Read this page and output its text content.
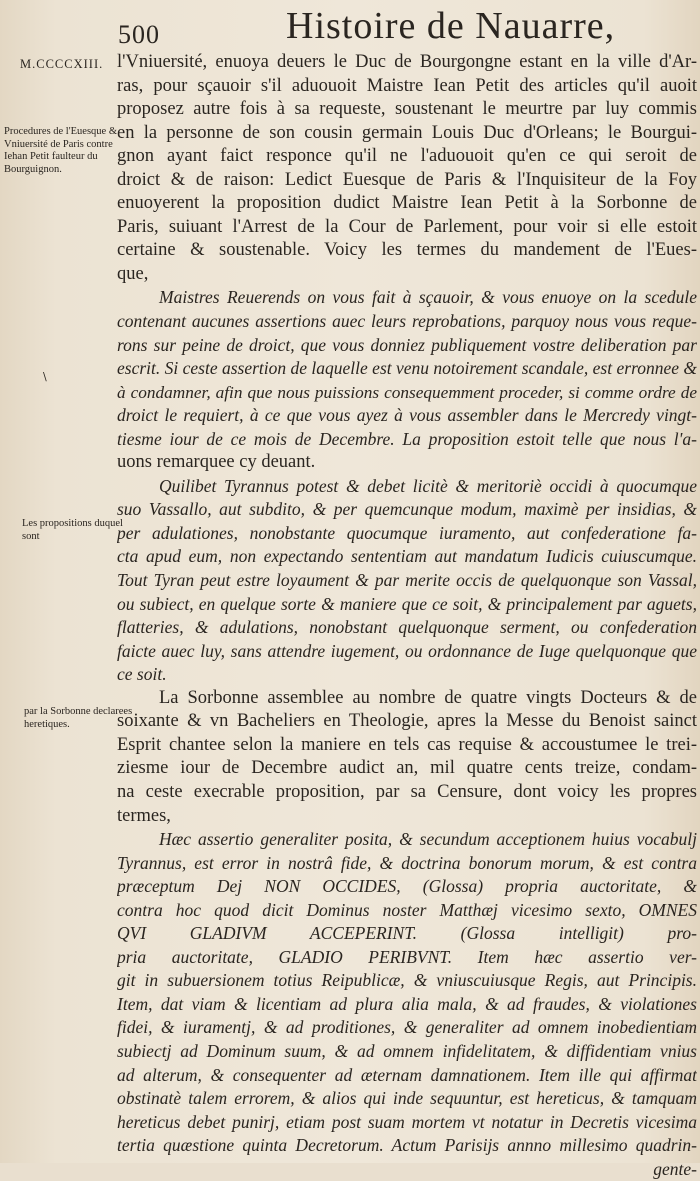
500	Histoire de Nauarre,
M.CCCCXIII.
Procedures de l'Euesque & Vniuersité de Paris contre Iehan Petit faulteur du Bourguignon.
\
Les propositions duquel sont
par la Sorbonne declarees heretiques.
l'Vniuersité, enuoya deuers le Duc de Bourgongne estant en la ville d'Ar-
ras, pour sçauoir s'il aduouoit Maistre Iean Petit des articles qu'il auoit
proposez autre fois à sa requeste, soustenant le meurtre par luy commis
en la personne de son cousin germain Louis Duc d'Orleans; le Bourgui-
gnon ayant faict responce qu'il ne l'aduouoit qu'en ce qui seroit de
droict & de raison: Ledict Euesque de Paris & l'Inquisiteur de la Foy
enuoyerent la proposition dudict Maistre Iean Petit à la Sorbonne de
Paris, suiuant l'Arrest de la Cour de Parlement, pour voir si elle estoit
certaine & soustenable. Voicy les termes du mandement de l'Eues-
que,
Maistres Reuerends on vous fait à sçauoir, & vous enuoye on la scedule
contenant aucunes assertions auec leurs reprobations, parquoy nous vous reque-
rons sur peine de droict, que vous donniez publiquement vostre deliberation par
escrit. Si ceste assertion de laquelle est venu notoirement scandale, est erronnee &
à condamner, afin que nous puissions consequemment proceder, si comme ordre de
droict le requiert, à ce que vous ayez à vous assembler dans le Mercredy vingt-
tiesme iour de ce mois de Decembre. La proposition estoit telle que nous l'a-
uons remarquee cy deuant.
Quilibet Tyrannus potest & debet licitè & meritoriè occidi à quocumque
suo Vassallo, aut subdito, & per quemcunque modum, maximè per insidias, &
per adulationes, nonobstante quocumque iuramento, aut confederatione fa-
cta apud eum, non expectando sententiam aut mandatum Iudicis cuiuscumque.
Tout Tyran peut estre loyaument & par merite occis de quelquonque son Vassal,
ou subiect, en quelque sorte & maniere que ce soit, & principalement par aguets,
flatteries, & adulations, nonobstant quelquonque serment, ou confederation
faicte auec luy, sans attendre iugement, ou ordonnance de Iuge quelquonque que
ce soit.
La Sorbonne assemblee au nombre de quatre vingts Docteurs & de
soixante & vn Bacheliers en Theologie, apres la Messe du Benoist sainct
Esprit chantee selon la maniere en tels cas requise & accoustumee le trei-
ziesme iour de Decembre audict an, mil quatre cents treize, condam-
na ceste execrable proposition, par sa Censure, dont voicy les propres
termes,
Hæc assertio generaliter posita, & secundum acceptionem huius vocabulj
Tyrannus, est error in nostrâ fide, & doctrina bonorum morum, & est contra
præceptum Dej NON OCCIDES, (Glossa) propria auctoritate, &
contra hoc quod dicit Dominus noster Matthæj vicesimo sexto, OMNES
QVI GLADIVM ACCEPERINT. (Glossa intelligit) pro-
pria auctoritate, GLADIO PERIBVNT. Item hæc assertio ver-
git in subuersionem totius Reipublicæ, & vniuscuiusque Regis, aut Principis.
Item, dat viam & licentiam ad plura alia mala, & ad fraudes, & violationes
fidei, & iuramentj, & ad proditiones, & generaliter ad omnem inobedientiam
subiectj ad Dominum suum, & ad omnem infidelitatem, & diffidentiam vnius
ad alterum, & consequenter ad æternam damnationem. Item ille qui affirmat
obstinatè talem errorem, & alios qui inde sequuntur, est hereticus, & tamquam
hereticus debet punirj, etiam post suam mortem vt notatur in Decretis vicesima
tertia quæstione quinta Decretorum. Actum Parisijs annno millesimo quadrin-
gente-
